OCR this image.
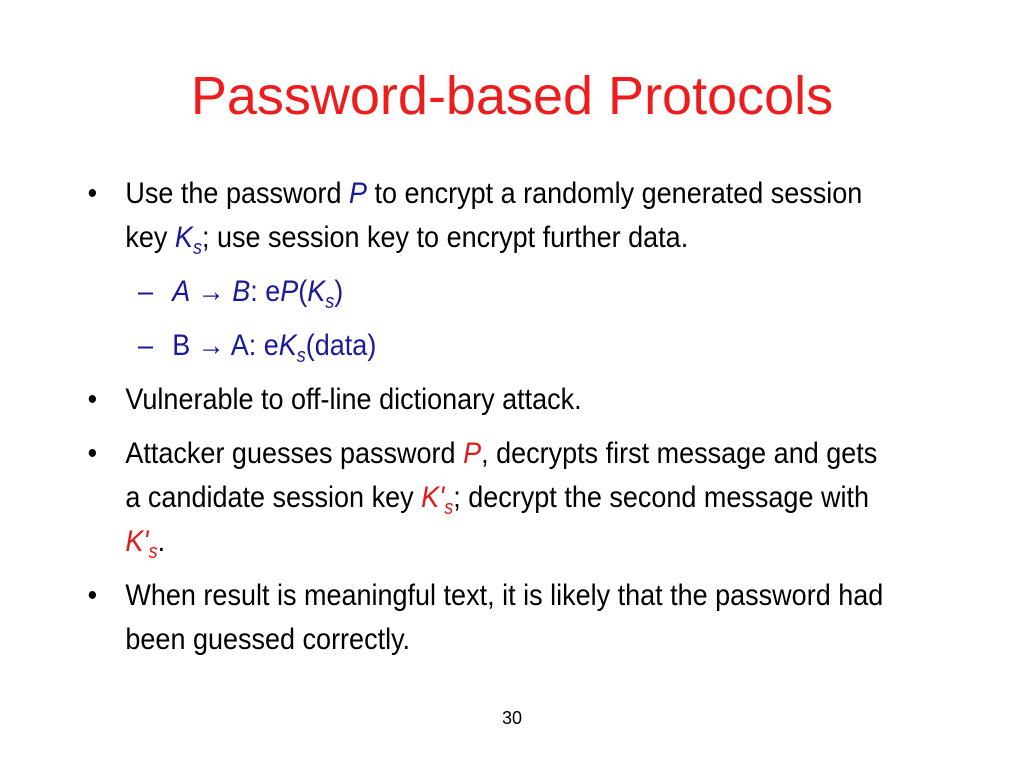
Password-based Protocols
• Use the password P to encrypt a randomly generated session key $K_s$; use session key to encrypt further data.
– A → B: $eP(K_s)$
– B → A: $eK_s(data)$
• Vulnerable to off-line dictionary attack.
• Attacker guesses password P, decrypts first message and gets a candidate session key $K'_s$; decrypt the second message with $K'_s$.
• When result is meaningful text, it is likely that the password had been guessed correctly.
30
